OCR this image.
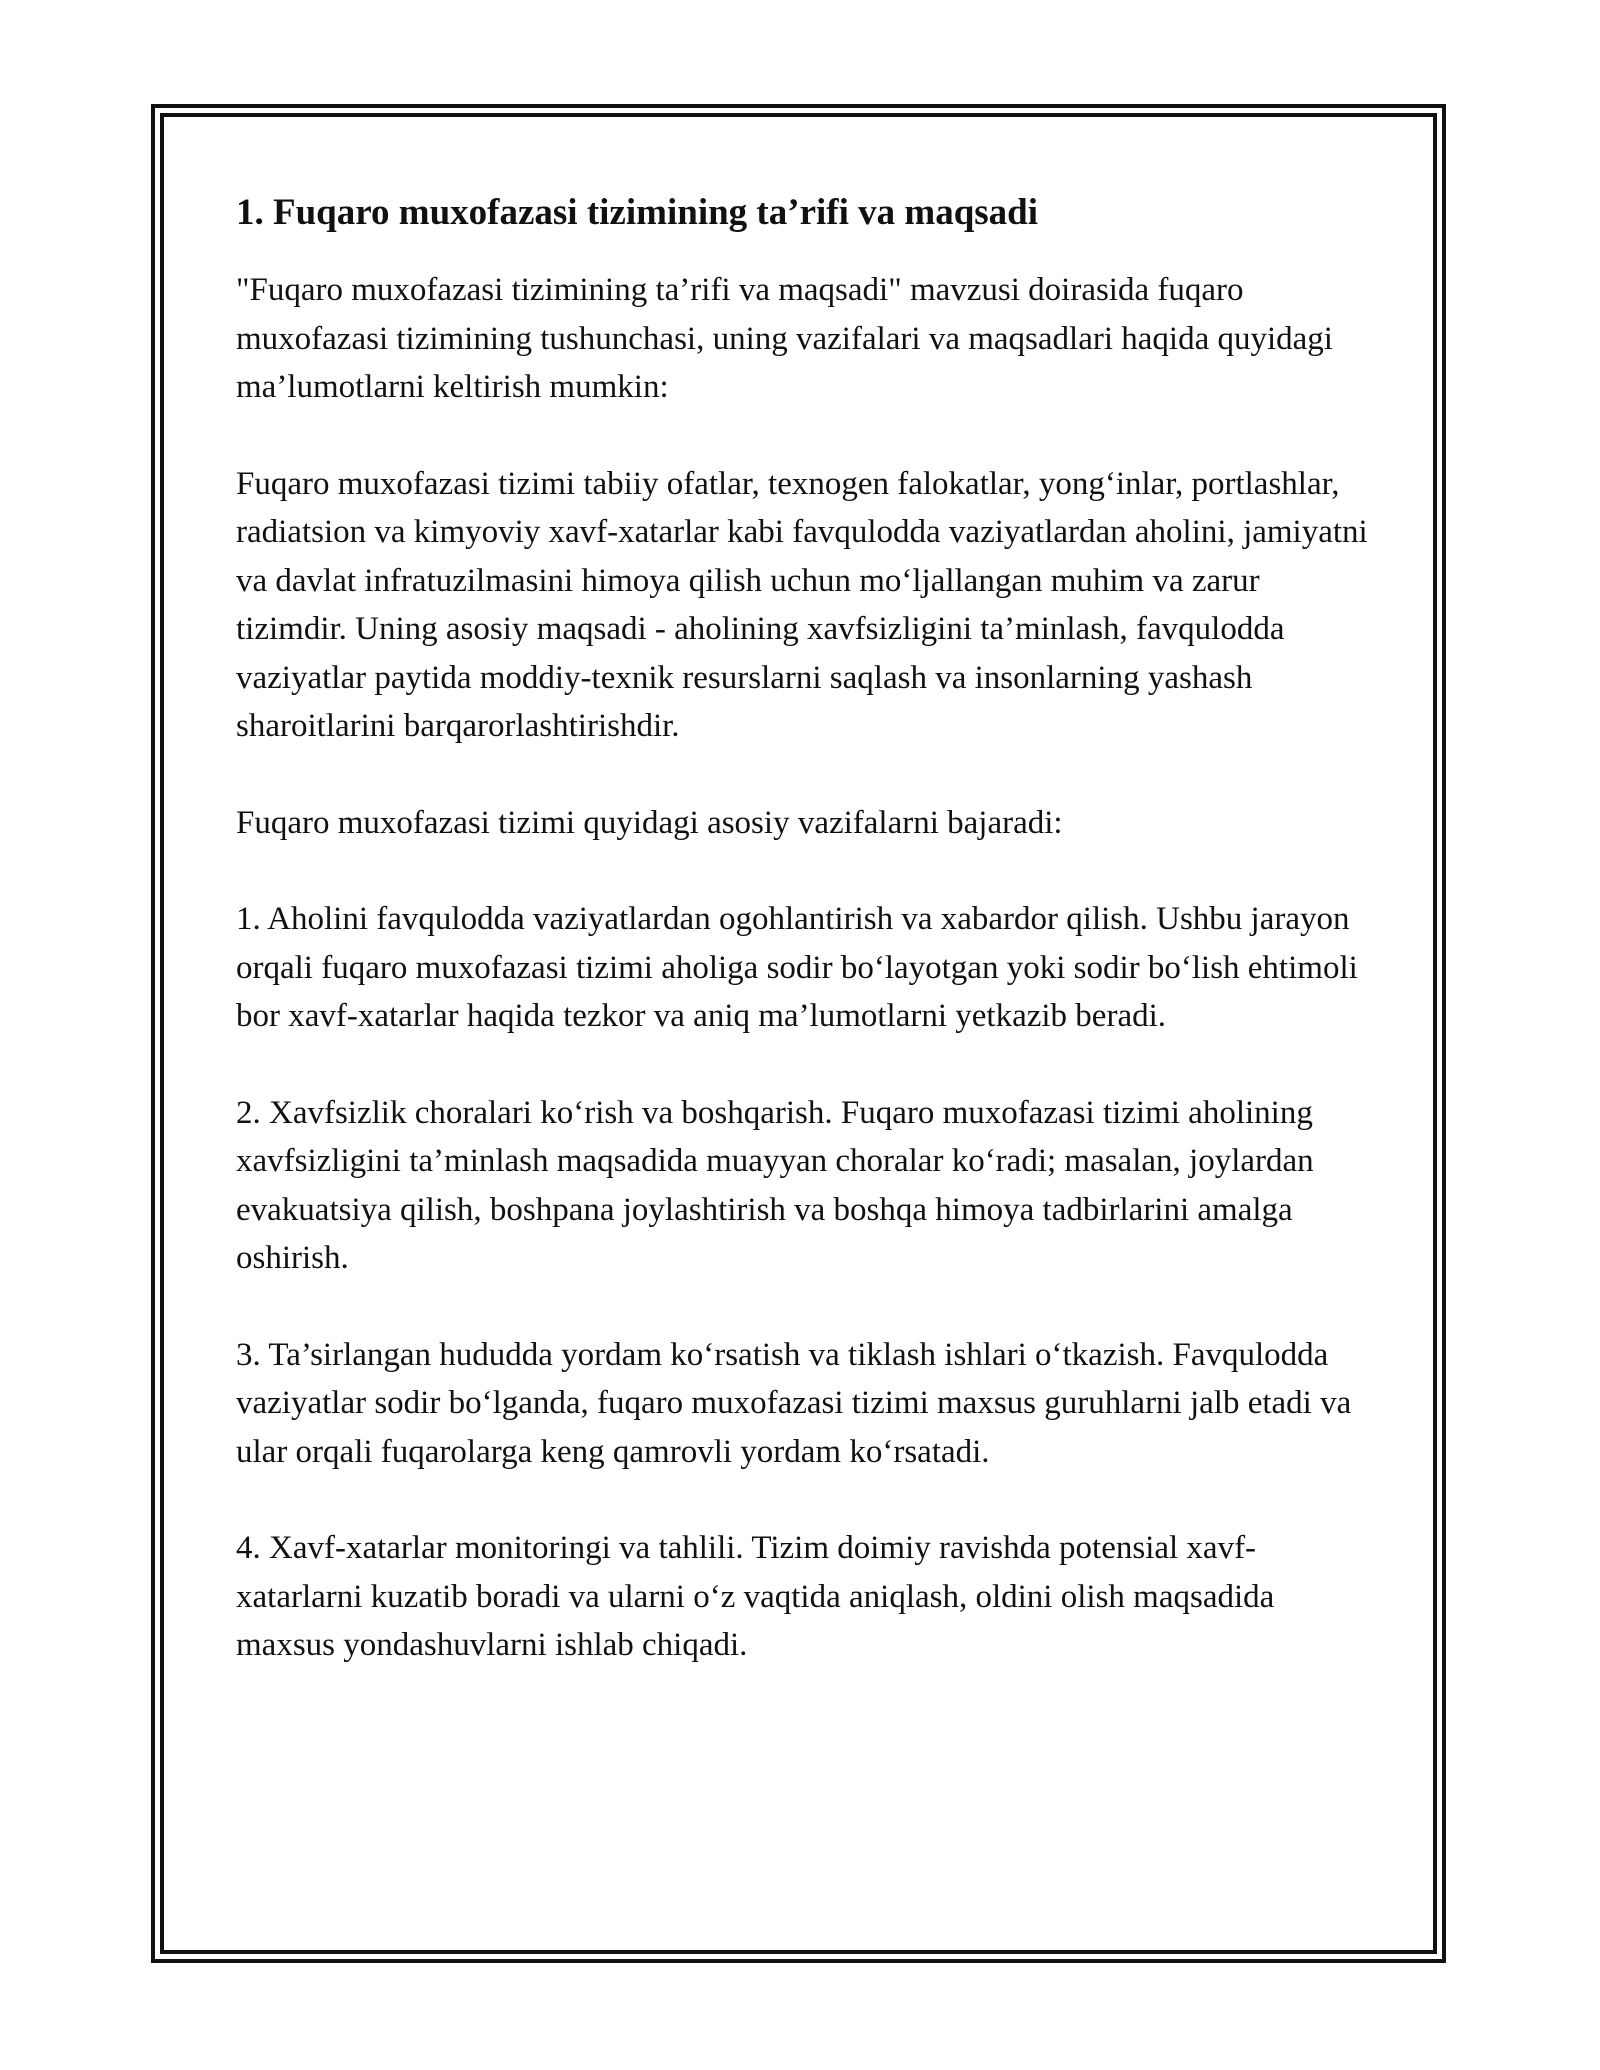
1. Fuqaro muxofazasi tizimining ta’rifi va maqsadi

"Fuqaro muxofazasi tizimining ta’rifi va maqsadi" mavzusi doirasida fuqaro muxofazasi tizimining tushunchasi, uning vazifalari va maqsadlari haqida quyidagi ma’lumotlarni keltirish mumkin:

Fuqaro muxofazasi tizimi tabiiy ofatlar, texnogen falokatlar, yong‘inlar, portlashlar, radiatsion va kimyoviy xavf-xatarlar kabi favqulodda vaziyatlardan aholini, jamiyatni va davlat infratuzilmasini himoya qilish uchun mo‘ljallangan muhim va zarur tizimdir. Uning asosiy maqsadi - aholining xavfsizligini ta’minlash, favqulodda vaziyatlar paytida moddiy-texnik resurslarni saqlash va insonlarning yashash sharoitlarini barqarorlashtirishdir.

Fuqaro muxofazasi tizimi quyidagi asosiy vazifalarni bajaradi:

1. Aholini favqulodda vaziyatlardan ogohlantirish va xabardor qilish. Ushbu jarayon orqali fuqaro muxofazasi tizimi aholiga sodir bo‘layotgan yoki sodir bo‘lish ehtimoli bor xavf-xatarlar haqida tezkor va aniq ma’lumotlarni yetkazib beradi.

2. Xavfsizlik choralari ko‘rish va boshqarish. Fuqaro muxofazasi tizimi aholining xavfsizligini ta’minlash maqsadida muayyan choralar ko‘radi; masalan, joylardan evakuatsiya qilish, boshpana joylashtirish va boshqa himoya tadbirlarini amalga oshirish.

3. Ta’sirlangan hududda yordam ko‘rsatish va tiklash ishlari o‘tkazish. Favqulodda vaziyatlar sodir bo‘lganda, fuqaro muxofazasi tizimi maxsus guruhlarni jalb etadi va ular orqali fuqarolarga keng qamrovli yordam ko‘rsatadi.

4. Xavf-xatarlar monitoringi va tahlili. Tizim doimiy ravishda potensial xavf-xatarlarni kuzatib boradi va ularni o‘z vaqtida aniqlash, oldini olish maqsadida maxsus yondashuvlarni ishlab chiqadi.
